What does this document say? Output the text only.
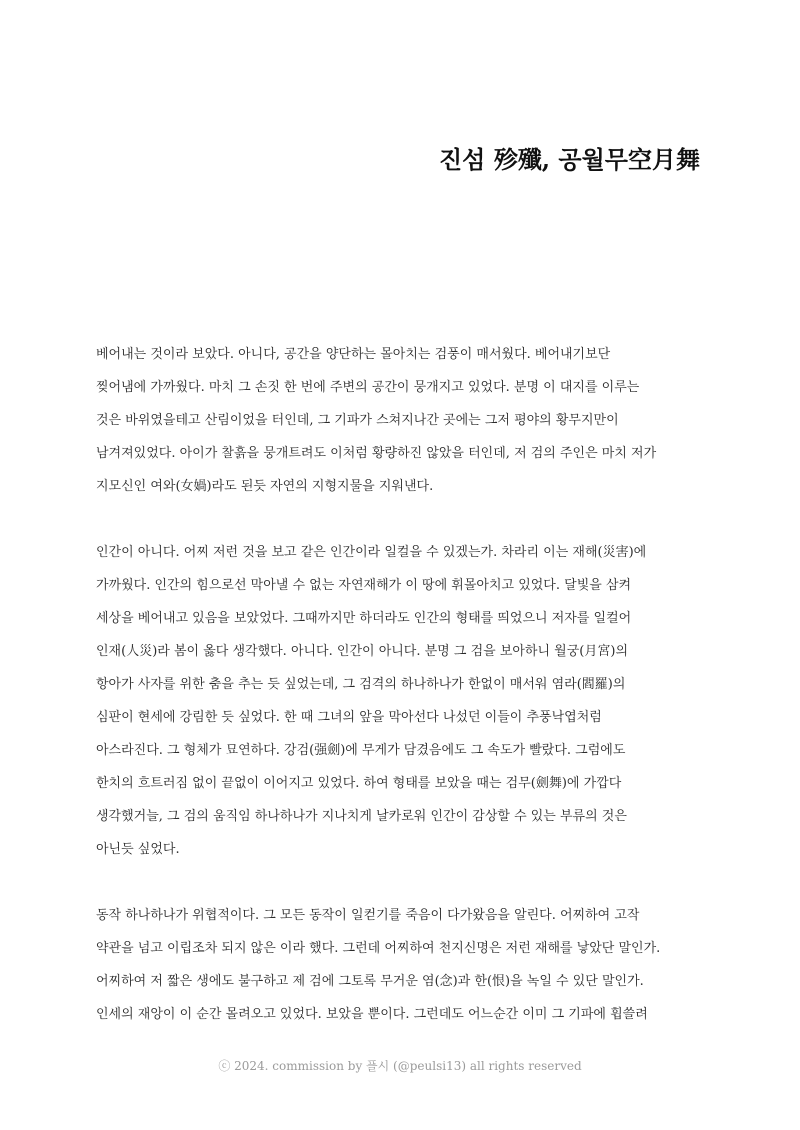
진섬 殄殲, 공월무空月舞
베어내는 것이라 보았다. 아니다, 공간을 양단하는 몰아치는 검풍이 매서웠다. 베어내기보단
찢어냄에 가까웠다. 마치 그 손짓 한 번에 주변의 공간이 뭉개지고 있었다. 분명 이 대지를 이루는
것은 바위였을테고 산림이었을 터인데, 그 기파가 스쳐지나간 곳에는 그저 평야의 황무지만이
남겨져있었다. 아이가 찰흙을 뭉개트려도 이처럼 황량하진 않았을 터인데, 저 검의 주인은 마치 저가
지모신인 여와(女媧)라도 된듯 자연의 지형지물을 지워낸다.
인간이 아니다. 어찌 저런 것을 보고 같은 인간이라 일컬을 수 있겠는가. 차라리 이는 재해(災害)에
가까웠다. 인간의 힘으로선 막아낼 수 없는 자연재해가 이 땅에 휘몰아치고 있었다. 달빛을 삼켜
세상을 베어내고 있음을 보았었다. 그때까지만 하더라도 인간의 형태를 띄었으니 저자를 일컬어
인재(人災)라 봄이 옳다 생각했다. 아니다. 인간이 아니다. 분명 그 검을 보아하니 월궁(月宮)의
항아가 사자를 위한 춤을 추는 듯 싶었는데, 그 검격의 하나하나가 한없이 매서워 염라(閻羅)의
심판이 현세에 강림한 듯 싶었다. 한 때 그녀의 앞을 막아선다 나섰던 이들이 추풍낙엽처럼
아스라진다. 그 형체가 묘연하다. 강검(强劍)에 무게가 담겼음에도 그 속도가 빨랐다. 그럼에도
한치의 흐트러짐 없이 끝없이 이어지고 있었다. 하여 형태를 보았을 때는 검무(劍舞)에 가깝다
생각했거늘, 그 검의 움직임 하나하나가 지나치게 날카로워 인간이 감상할 수 있는 부류의 것은
아닌듯 싶었다.
동작 하나하나가 위협적이다. 그 모든 동작이 일컫기를 죽음이 다가왔음을 알린다. 어찌하여 고작
약관을 넘고 이립조차 되지 않은 이라 했다. 그런데 어찌하여 천지신명은 저런 재해를 낳았단 말인가.
어찌하여 저 짧은 생에도 불구하고 제 검에 그토록 무거운 염(念)과 한(恨)을 녹일 수 있단 말인가.
인세의 재앙이 이 순간 몰려오고 있었다. 보았을 뿐이다. 그런데도 어느순간 이미 그 기파에 휩쓸려
ⓒ 2024. commission by 플시 (@peulsi13) all rights reserved
